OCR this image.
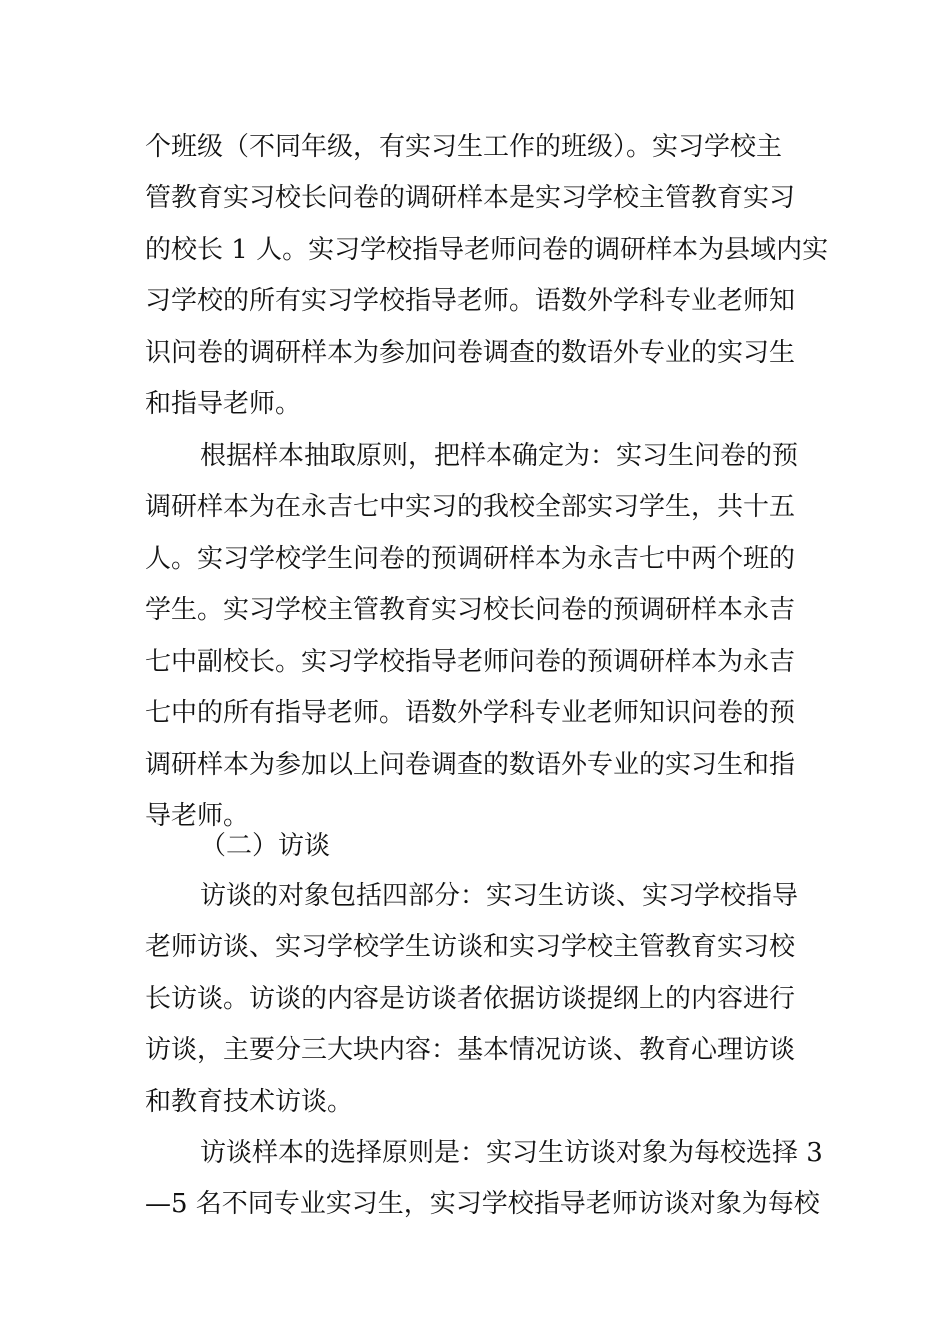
个班级（不同年级，有实习生工作的班级）。实习学校主
管教育实习校长问卷的调研样本是实习学校主管教育实习
的校长 1 人。实习学校指导老师问卷的调研样本为县域内实
习学校的所有实习学校指导老师。语数外学科专业老师知
识问卷的调研样本为参加问卷调查的数语外专业的实习生
和指导老师。
根据样本抽取原则，把样本确定为：实习生问卷的预
调研样本为在永吉七中实习的我校全部实习学生，共十五
人。实习学校学生问卷的预调研样本为永吉七中两个班的
学生。实习学校主管教育实习校长问卷的预调研样本永吉
七中副校长。实习学校指导老师问卷的预调研样本为永吉
七中的所有指导老师。语数外学科专业老师知识问卷的预
调研样本为参加以上问卷调查的数语外专业的实习生和指
导老师。
（二）访谈
访谈的对象包括四部分：实习生访谈、实习学校指导
老师访谈、实习学校学生访谈和实习学校主管教育实习校
长访谈。访谈的内容是访谈者依据访谈提纲上的内容进行
访谈，主要分三大块内容：基本情况访谈、教育心理访谈
和教育技术访谈。
访谈样本的选择原则是：实习生访谈对象为每校选择 3
—5 名不同专业实习生，实习学校指导老师访谈对象为每校
